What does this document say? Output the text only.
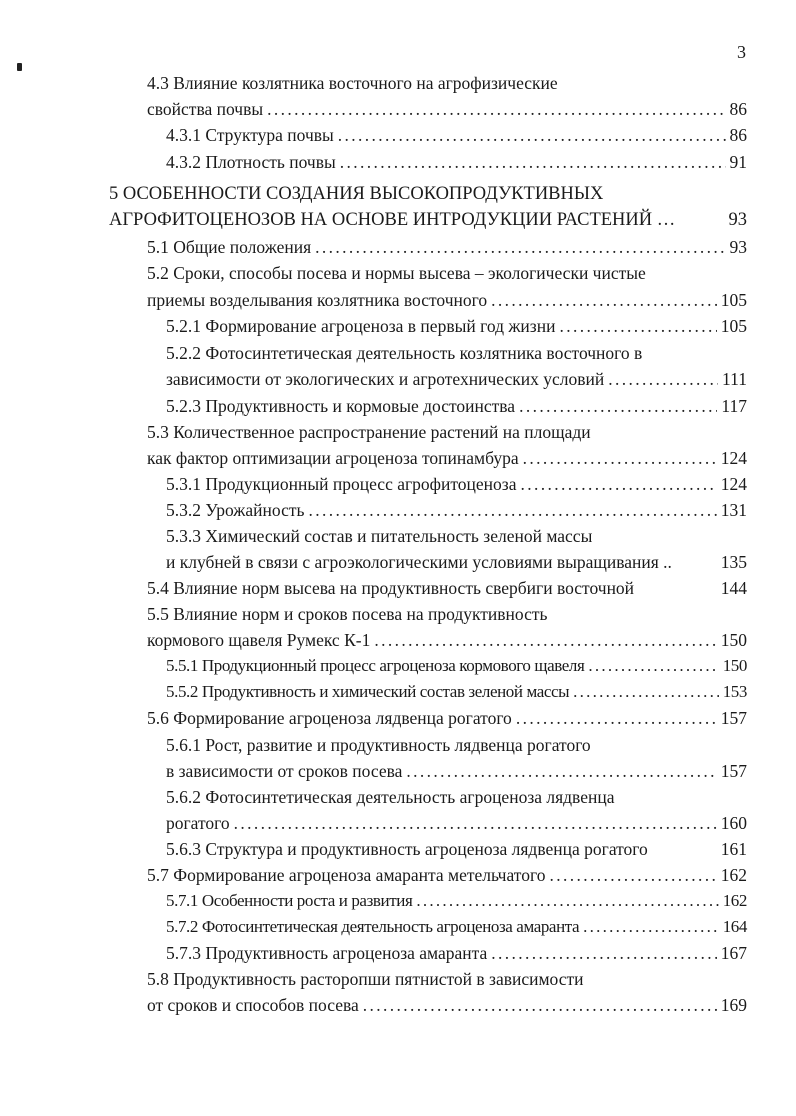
3
4.3 Влияние козлятника восточного на агрофизические
свойства почвы . . .	86
4.3.1 Структура почвы . . .	86
4.3.2 Плотность почвы . . .	91
5 ОСОБЕННОСТИ СОЗДАНИЯ ВЫСОКОПРОДУКТИВНЫХ
АГРОФИТОЦЕНОЗОВ НА ОСНОВЕ ИНТРОДУКЦИИ РАСТЕНИЙ …	93
5.1 Общие положения . . .	93
5.2 Сроки, способы посева и нормы высева – экологически чистые
приемы возделывания козлятника восточного . . .	105
5.2.1 Формирование агроценоза в первый год жизни . . .	105
5.2.2 Фотосинтетическая деятельность козлятника восточного в
зависимости от экологических и агротехнических условий . . .	111
5.2.3 Продуктивность и кормовые достоинства . . .	117
5.3 Количественное распространение растений на площади
как фактор оптимизации агроценоза топинамбура . . .	124
5.3.1 Продукционный процесс агрофитоценоза . . .	124
5.3.2 Урожайность . . .	131
5.3.3 Химический состав и питательность зеленой массы
и клубней в связи с агроэкологическими условиями выращивания ..	135
5.4 Влияние норм высева на продуктивность свербиги восточной	144
5.5 Влияние норм и сроков посева на продуктивность
кормового щавеля Румекс К-1 . . .	150
5.5.1 Продукционный процесс агроценоза кормового щавеля . . .	150
5.5.2 Продуктивность и химический состав зеленой массы . . .	153
5.6 Формирование агроценоза лядвенца рогатого . . .	157
5.6.1 Рост, развитие и продуктивность лядвенца рогатого
в зависимости от сроков посева . . .	157
5.6.2 Фотосинтетическая деятельность агроценоза лядвенца
рогатого . . .	160
5.6.3 Структура и продуктивность агроценоза лядвенца рогатого	161
5.7 Формирование агроценоза амаранта метельчатого . . .	162
5.7.1 Особенности роста и развития . . .	162
5.7.2 Фотосинтетическая деятельность агроценоза амаранта . . .	164
5.7.3 Продуктивность агроценоза амаранта . . .	167
5.8 Продуктивность расторопши пятнистой в зависимости
от сроков и способов посева . . .	169
